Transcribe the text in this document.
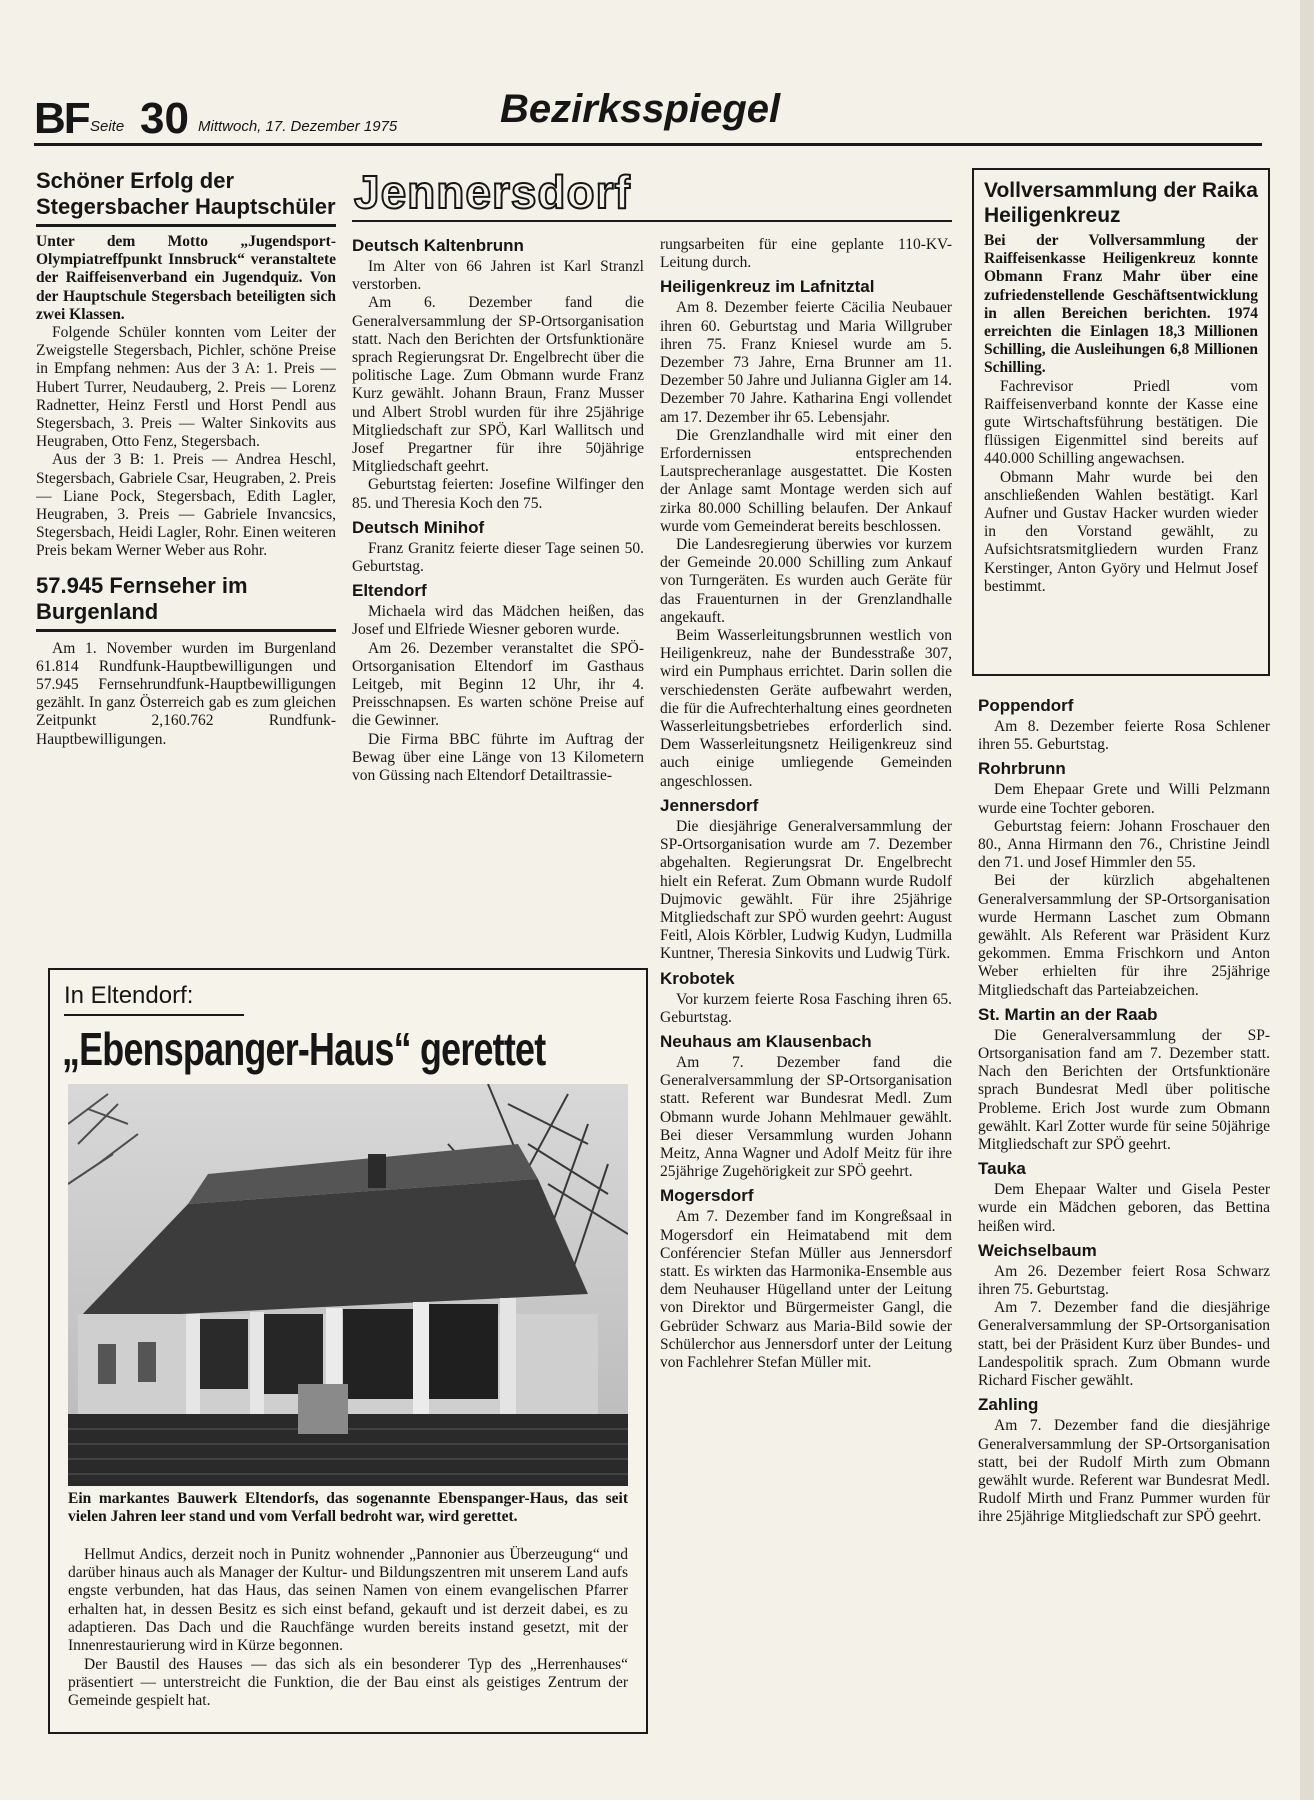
BF Seite 30 Mittwoch, 17. Dezember 1975	Bezirksspiegel
Schöner Erfolg der Stegersbacher Hauptschüler

Unter dem Motto „Jugendsport-Olympiatreffpunkt Innsbruck“ veranstaltete der Raiffeisenverband ein Jugendquiz. Von der Hauptschule Stegersbach beteiligten sich zwei Klassen.

Folgende Schüler konnten vom Leiter der Zweigstelle Stegersbach, Pichler, schöne Preise in Empfang nehmen: Aus der 3 A: 1. Preis — Hubert Turrer, Neudauberg, 2. Preis — Lorenz Radnetter, Heinz Ferstl und Horst Pendl aus Stegersbach, 3. Preis — Walter Sinkovits aus Heugraben, Otto Fenz, Stegersbach.

Aus der 3 B: 1. Preis — Andrea Heschl, Stegersbach, Gabriele Csar, Heugraben, 2. Preis — Liane Pock, Stegersbach, Edith Lagler, Heugraben, 3. Preis — Gabriele Invancsics, Stegersbach, Heidi Lagler, Rohr. Einen weiteren Preis bekam Werner Weber aus Rohr.

57.945 Fernseher im Burgenland

Am 1. November wurden im Burgenland 61.814 Rundfunk-Hauptbewilligungen und 57.945 Fernsehrundfunk-Hauptbewilligungen gezählt. In ganz Österreich gab es zum gleichen Zeitpunkt 2,160.762 Rundfunk-Hauptbewilligungen.

Jennersdorf
Deutsch Kaltenbrunn

Im Alter von 66 Jahren ist Karl Stranzl verstorben.

Am 6. Dezember fand die Generalversammlung der SP-Ortsorganisation statt. Nach den Berichten der Ortsfunktionäre sprach Regierungsrat Dr. Engelbrecht über die politische Lage. Zum Obmann wurde Franz Kurz gewählt. Johann Braun, Franz Musser und Albert Strobl wurden für ihre 25jährige Mitgliedschaft zur SPÖ, Karl Wallitsch und Josef Pregartner für ihre 50jährige Mitgliedschaft geehrt.

Geburtstag feierten: Josefine Wilfinger den 85. und Theresia Koch den 75.

Deutsch Minihof

Franz Granitz feierte dieser Tage seinen 50. Geburtstag.

Eltendorf

Michaela wird das Mädchen heißen, das Josef und Elfriede Wiesner geboren wurde.

Am 26. Dezember veranstaltet die SPÖ-Ortsorganisation Eltendorf im Gasthaus Leitgeb, mit Beginn 12 Uhr, ihr 4. Preisschnapsen. Es warten schöne Preise auf die Gewinner.

Die Firma BBC führte im Auftrag der Bewag über eine Länge von 13 Kilometern von Güssing nach Eltendorf Detailtrassie-

In Eltendorf:
„Ebenspanger-Haus“ gerettet

Ein markantes Bauwerk Eltendorfs, das sogenannte Ebenspanger-Haus, das seit vielen Jahren leer stand und vom Verfall bedroht war, wird gerettet.

Hellmut Andics, derzeit noch in Punitz wohnender „Pannonier aus Überzeugung“ und darüber hinaus auch als Manager der Kultur- und Bildungszentren mit unserem Land aufs engste verbunden, hat das Haus, das seinen Namen von einem evangelischen Pfarrer erhalten hat, in dessen Besitz es sich einst befand, gekauft und ist derzeit dabei, es zu adaptieren. Das Dach und die Rauchfänge wurden bereits instand gesetzt, mit der Innenrestaurierung wird in Kürze begonnen.

Der Baustil des Hauses — das sich als ein besonderer Typ des „Herrenhauses“ präsentiert — unterstreicht die Funktion, die der Bau einst als geistiges Zentrum der Gemeinde gespielt hat.

rungsarbeiten für eine geplante 110-KV-Leitung durch.

Heiligenkreuz im Lafnitztal

Am 8. Dezember feierte Cäcilia Neubauer ihren 60. Geburtstag und Maria Willgruber ihren 75. Franz Kniesel wurde am 5. Dezember 73 Jahre, Erna Brunner am 11. Dezember 50 Jahre und Julianna Gigler am 14. Dezember 70 Jahre. Katharina Engi vollendet am 17. Dezember ihr 65. Lebensjahr.

Die Grenzlandhalle wird mit einer den Erfordernissen entsprechenden Lautsprecheranlage ausgestattet. Die Kosten der Anlage samt Montage werden sich auf zirka 80.000 Schilling belaufen. Der Ankauf wurde vom Gemeinderat bereits beschlossen.

Die Landesregierung überwies vor kurzem der Gemeinde 20.000 Schilling zum Ankauf von Turngeräten. Es wurden auch Geräte für das Frauenturnen in der Grenzlandhalle angekauft.

Beim Wasserleitungsbrunnen westlich von Heiligenkreuz, nahe der Bundesstraße 307, wird ein Pumphaus errichtet. Darin sollen die verschiedensten Geräte aufbewahrt werden, die für die Aufrechterhaltung eines geordneten Wasserleitungsbetriebes erforderlich sind. Dem Wasserleitungsnetz Heiligenkreuz sind auch einige umliegende Gemeinden angeschlossen.

Jennersdorf

Die diesjährige Generalversammlung der SP-Ortsorganisation wurde am 7. Dezember abgehalten. Regierungsrat Dr. Engelbrecht hielt ein Referat. Zum Obmann wurde Rudolf Dujmovic gewählt. Für ihre 25jährige Mitgliedschaft zur SPÖ wurden geehrt: August Feitl, Alois Körbler, Ludwig Kudyn, Ludmilla Kuntner, Theresia Sinkovits und Ludwig Türk.

Krobotek

Vor kurzem feierte Rosa Fasching ihren 65. Geburtstag.

Neuhaus am Klausenbach

Am 7. Dezember fand die Generalversammlung der SP-Ortsorganisation statt. Referent war Bundesrat Medl. Zum Obmann wurde Johann Mehlmauer gewählt. Bei dieser Versammlung wurden Johann Meitz, Anna Wagner und Adolf Meitz für ihre 25jährige Zugehörigkeit zur SPÖ geehrt.

Mogersdorf

Am 7. Dezember fand im Kongreßsaal in Mogersdorf ein Heimatabend mit dem Conférencier Stefan Müller aus Jennersdorf statt. Es wirkten das Harmonika-Ensemble aus dem Neuhauser Hügelland unter der Leitung von Direktor und Bürgermeister Gangl, die Gebrüder Schwarz aus Maria-Bild sowie der Schülerchor aus Jennersdorf unter der Leitung von Fachlehrer Stefan Müller mit.

Vollversammlung der Raika Heiligenkreuz

Bei der Vollversammlung der Raiffeisenkasse Heiligenkreuz konnte Obmann Franz Mahr über eine zufriedenstellende Geschäftsentwicklung in allen Bereichen berichten. 1974 erreichten die Einlagen 18,3 Millionen Schilling, die Ausleihungen 6,8 Millionen Schilling.

Fachrevisor Priedl vom Raiffeisenverband konnte der Kasse eine gute Wirtschaftsführung bestätigen. Die flüssigen Eigenmittel sind bereits auf 440.000 Schilling angewachsen.

Obmann Mahr wurde bei den anschließenden Wahlen bestätigt. Karl Aufner und Gustav Hacker wurden wieder in den Vorstand gewählt, zu Aufsichtsratsmitgliedern wurden Franz Kerstinger, Anton Györy und Helmut Josef bestimmt.

Poppendorf

Am 8. Dezember feierte Rosa Schlener ihren 55. Geburtstag.

Rohrbrunn

Dem Ehepaar Grete und Willi Pelzmann wurde eine Tochter geboren.

Geburtstag feiern: Johann Froschauer den 80., Anna Hirmann den 76., Christine Jeindl den 71. und Josef Himmler den 55.

Bei der kürzlich abgehaltenen Generalversammlung der SP-Ortsorganisation wurde Hermann Laschet zum Obmann gewählt. Als Referent war Präsident Kurz gekommen. Emma Frischkorn und Anton Weber erhielten für ihre 25jährige Mitgliedschaft das Parteiabzeichen.

St. Martin an der Raab

Die Generalversammlung der SP-Ortsorganisation fand am 7. Dezember statt. Nach den Berichten der Ortsfunktionäre sprach Bundesrat Medl über politische Probleme. Erich Jost wurde zum Obmann gewählt. Karl Zotter wurde für seine 50jährige Mitgliedschaft zur SPÖ geehrt.

Tauka

Dem Ehepaar Walter und Gisela Pester wurde ein Mädchen geboren, das Bettina heißen wird.

Weichselbaum

Am 26. Dezember feiert Rosa Schwarz ihren 75. Geburtstag.

Am 7. Dezember fand die diesjährige Generalversammlung der SP-Ortsorganisation statt, bei der Präsident Kurz über Bundes- und Landespolitik sprach. Zum Obmann wurde Richard Fischer gewählt.

Zahling

Am 7. Dezember fand die diesjährige Generalversammlung der SP-Ortsorganisation statt, bei der Rudolf Mirth zum Obmann gewählt wurde. Referent war Bundesrat Medl. Rudolf Mirth und Franz Pummer wurden für ihre 25jährige Mitgliedschaft zur SPÖ geehrt.
